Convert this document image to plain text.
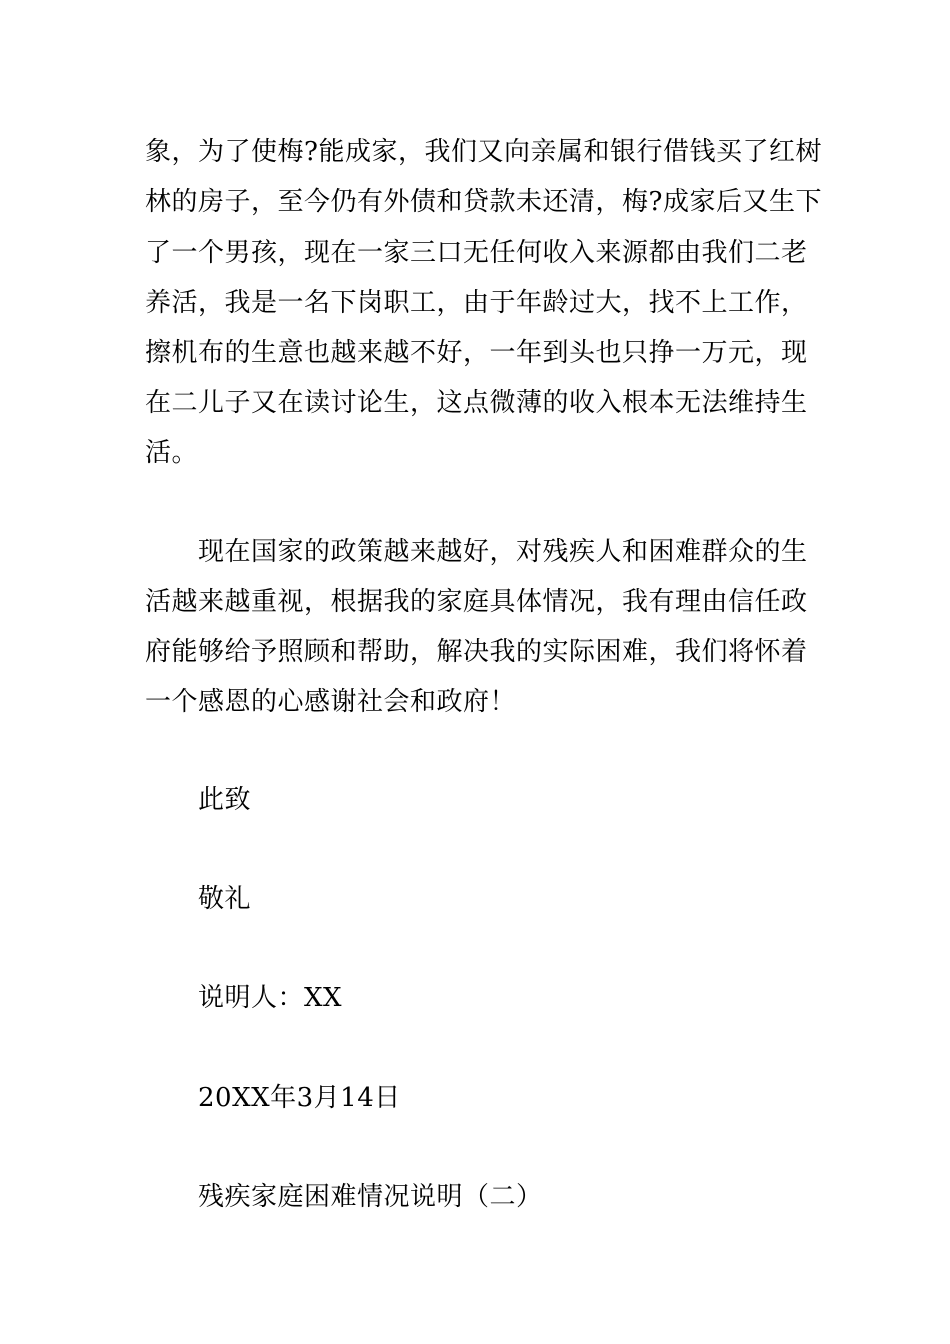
象，为了使梅?能成家，我们又向亲属和银行借钱买了红树
林的房子，至今仍有外债和贷款未还清，梅?成家后又生下
了一个男孩，现在一家三口无任何收入来源都由我们二老
养活，我是一名下岗职工，由于年龄过大，找不上工作，
擦机布的生意也越来越不好，一年到头也只挣一万元，现
在二儿子又在读讨论生，这点微薄的收入根本无法维持生
活。
现在国家的政策越来越好，对残疾人和困难群众的生
活越来越重视，根据我的家庭具体情况，我有理由信任政
府能够给予照顾和帮助，解决我的实际困难，我们将怀着
一个感恩的心感谢社会和政府！
此致
敬礼
说明人：XX
20XX年3月14日
残疾家庭困难情况说明（二）
